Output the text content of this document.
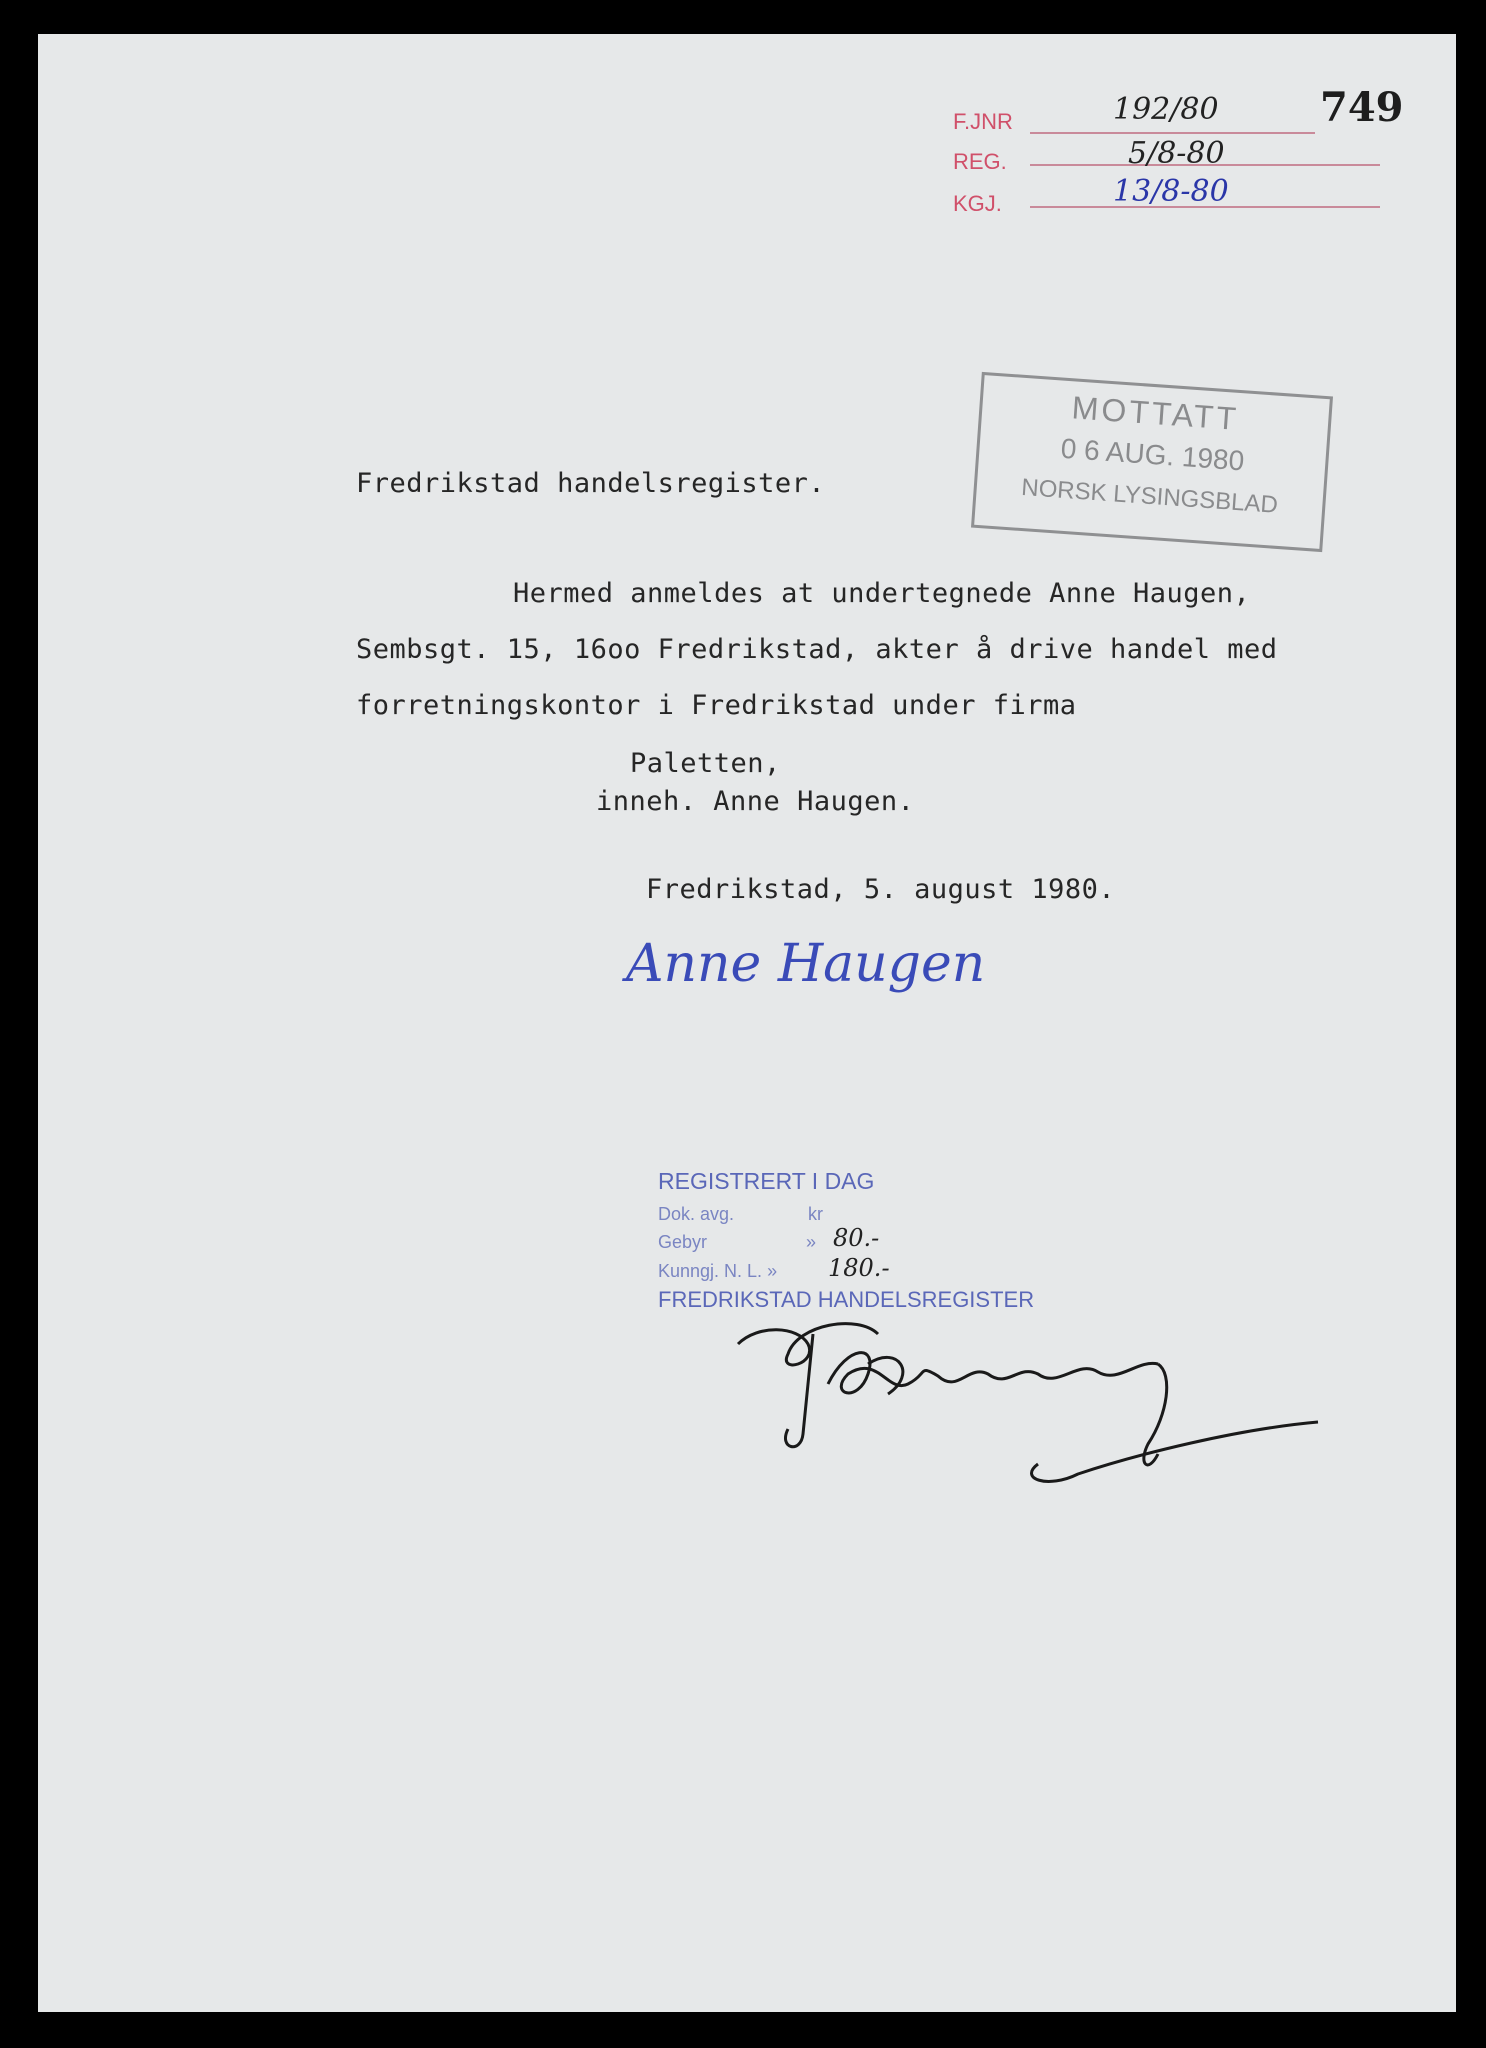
F.JNR	192/80	749
REG.	5/8-80
KGJ.	13/8-80
MOTTATT
0 6 AUG. 1980
NORSK LYSINGSBLAD
Fredrikstad handelsregister.
Hermed anmeldes at undertegnede Anne Haugen,
Sembsgt. 15, 16oo Fredrikstad, akter å drive handel med
forretningskontor i Fredrikstad under firma
Paletten,
inneh. Anne Haugen.
Fredrikstad, 5. august 1980.
Anne Haugen
REGISTRERT I DAG
Dok. avg.	kr
Gebyr	» 80.-
Kunngj. N. L. » 180.-
FREDRIKSTAD HANDELSREGISTER
